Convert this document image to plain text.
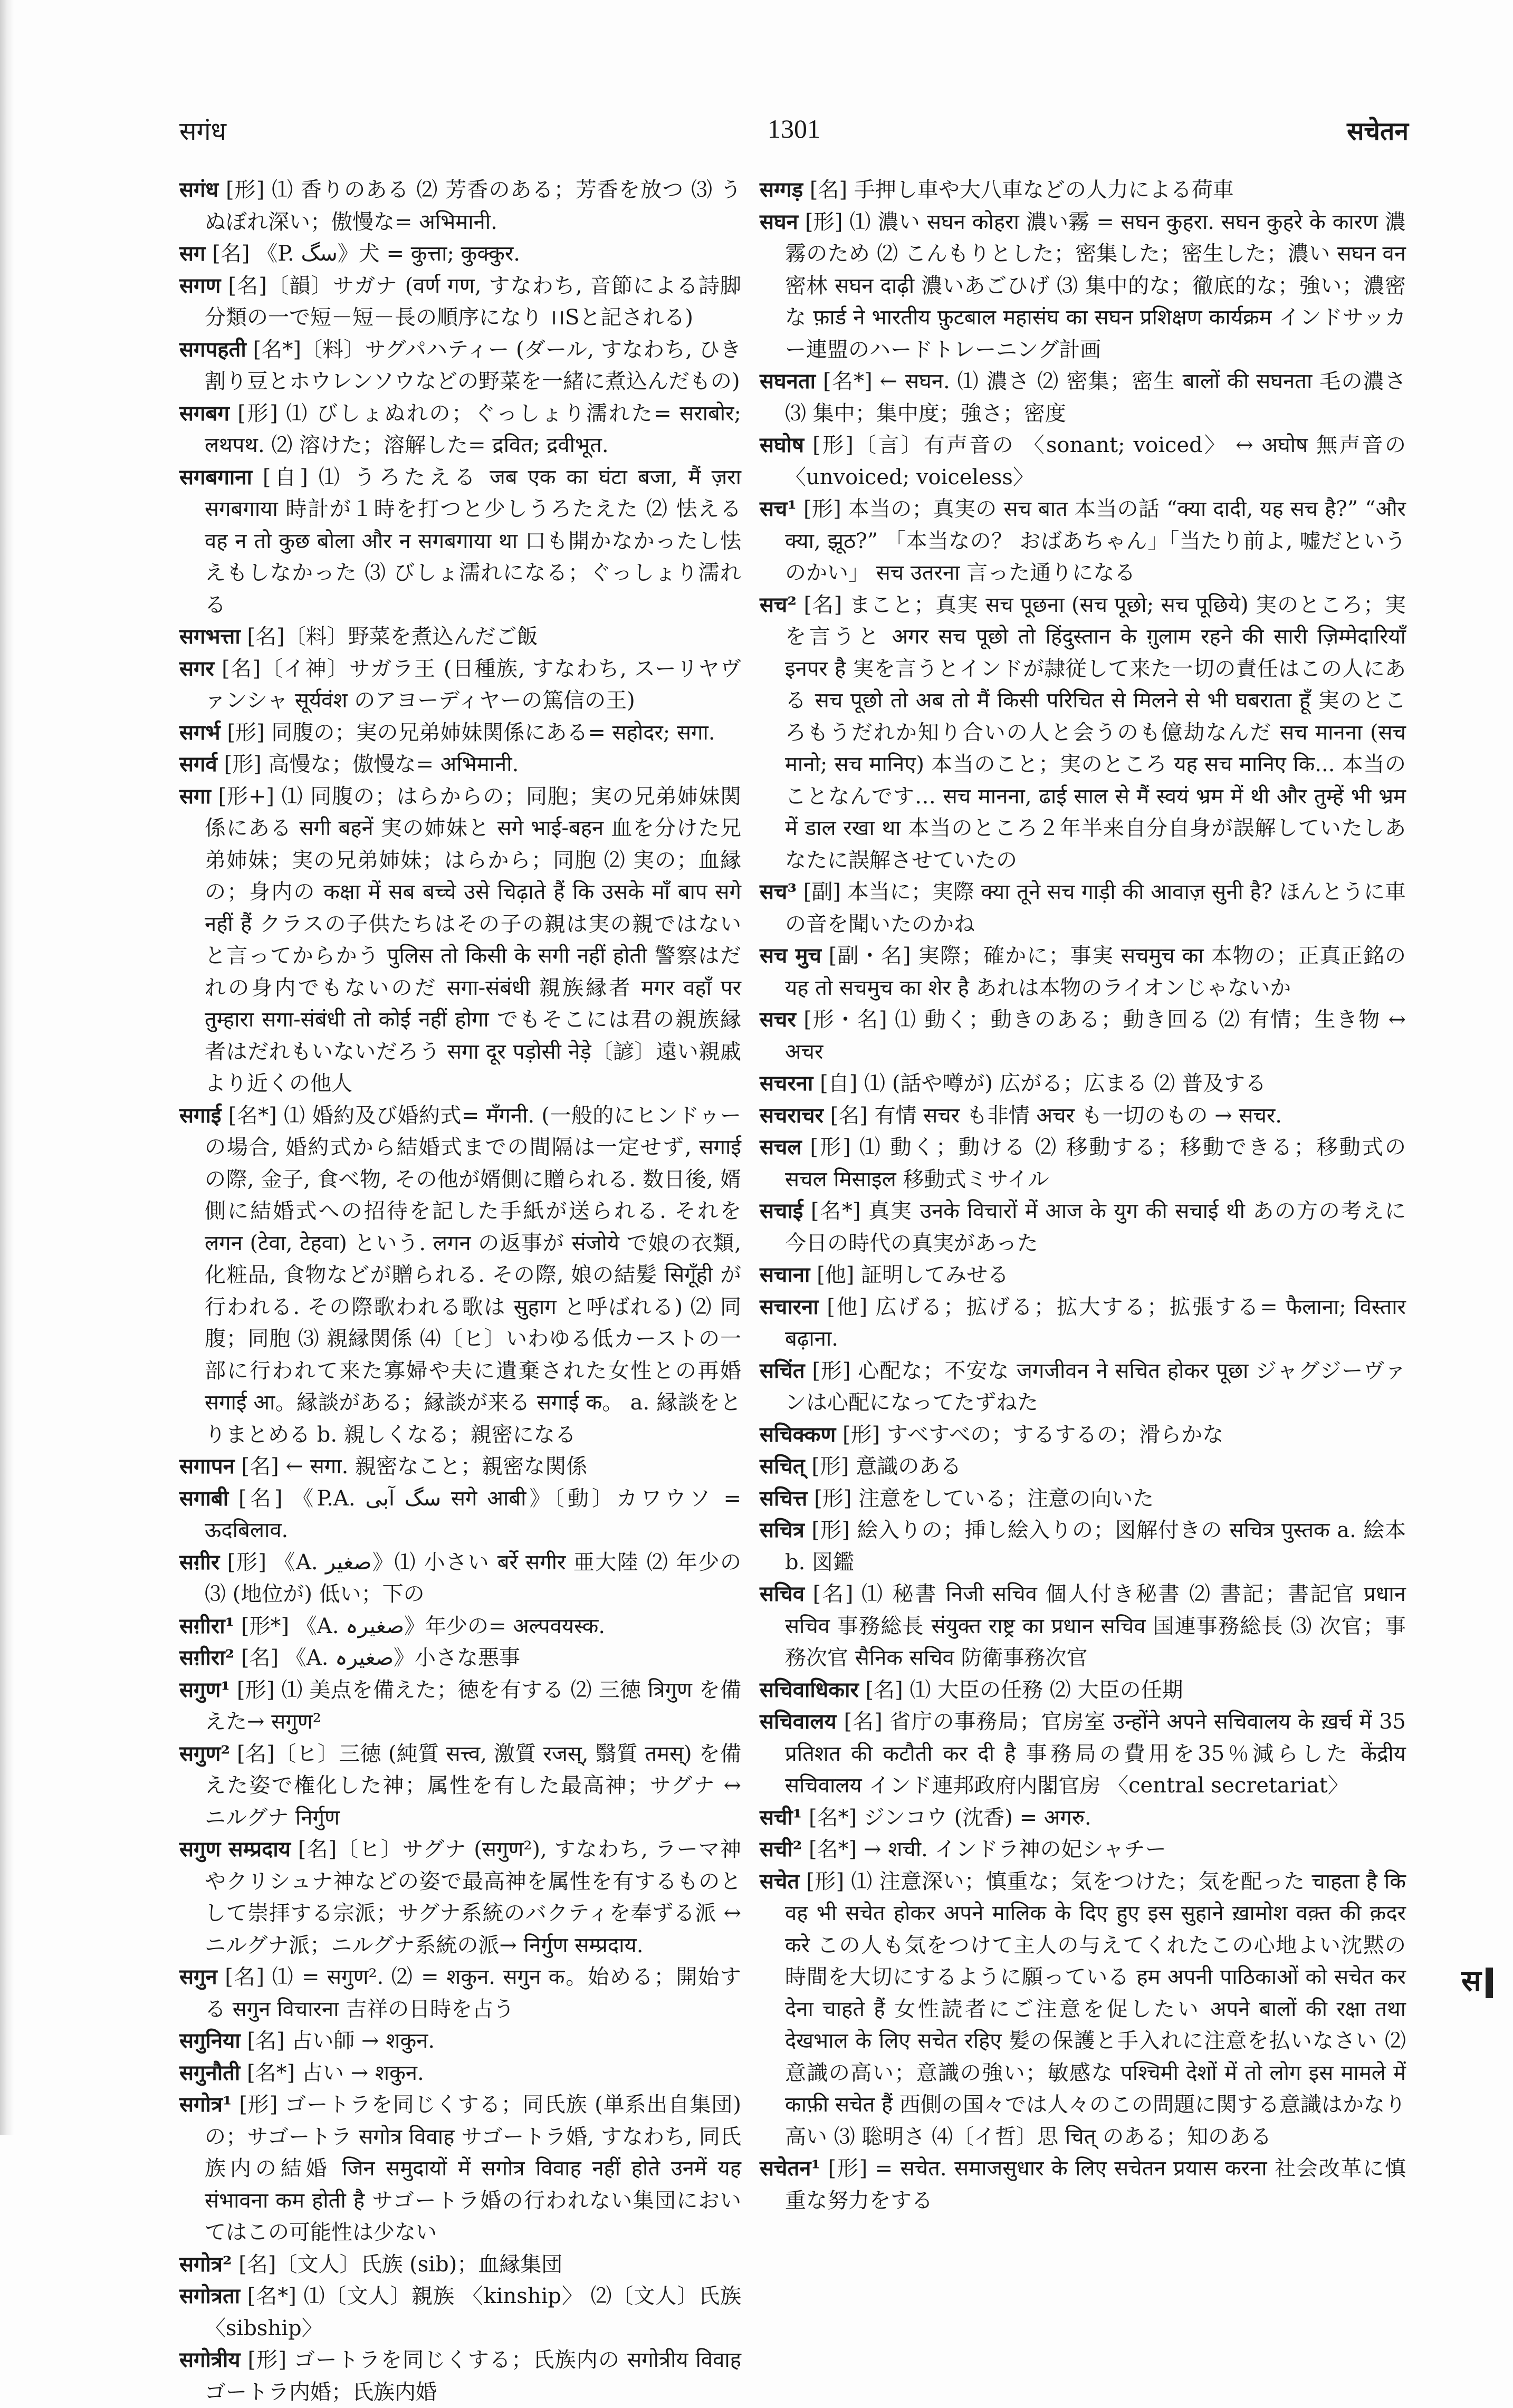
सगंध	1301	सचेतन

सगंध [形] ⑴ 香りのある ⑵ 芳香のある；芳香を放つ ⑶ うぬぼれ深い；傲慢な= अभिमानी.

सग [名] 《P. سگ》犬 = कुत्ता; कुक्कुर.

सगण [名]〔韻〕サガナ (वर्ण गण, すなわち, 音節による詩脚分類の一で短－短－長の順序になり ।।Sと記される)

सगपहती [名*]〔料〕サグパハティー (ダール, すなわち, ひき割り豆とホウレンソウなどの野菜を一緒に煮込んだもの)

सगबग [形] ⑴ びしょぬれの；ぐっしょり濡れた= सराबोर; लथपथ. ⑵ 溶けた；溶解した= द्रवित; द्रवीभूत.

सगबगाना [自] ⑴ うろたえる जब एक का घंटा बजा, मैं ज़रा सगबगाया 時計が１時を打つと少しうろたえた ⑵ 怯える वह न तो कुछ बोला और न सगबगाया था 口も開かなかったし怯えもしなかった ⑶ びしょ濡れになる；ぐっしょり濡れる

सगभत्ता [名]〔料〕野菜を煮込んだご飯

सगर [名]〔イ神〕サガラ王 (日種族, すなわち, スーリヤヴァンシャ सूर्यवंश のアヨーディヤーの篤信の王)

सगर्भ [形] 同腹の；実の兄弟姉妹関係にある= सहोदर; सगा.

सगर्व [形] 高慢な；傲慢な= अभिमानी.

सगा [形+] ⑴ 同腹の；はらからの；同胞；実の兄弟姉妹関係にある सगी बहनें 実の姉妹と सगे भाई-बहन 血を分けた兄弟姉妹；実の兄弟姉妹；はらから；同胞 ⑵ 実の；血縁の；身内の कक्षा में सब बच्चे उसे चिढ़ाते हैं कि उसके माँ बाप सगे नहीं हैं クラスの子供たちはその子の親は実の親ではないと言ってからかう पुलिस तो किसी के सगी नहीं होती 警察はだれの身内でもないのだ सगा-संबंधी 親族縁者 मगर वहाँ पर तुम्हारा सगा-संबंधी तो कोई नहीं होगा でもそこには君の親族縁者はだれもいないだろう सगा दूर पड़ोसी नेड़े〔諺〕遠い親戚より近くの他人

सगाई [名*] ⑴ 婚約及び婚約式= मँगनी. (一般的にヒンドゥーの場合, 婚約式から結婚式までの間隔は一定せず, सगाई の際, 金子, 食べ物, その他が婿側に贈られる. 数日後, 婿側に結婚式への招待を記した手紙が送られる. それを लगन (टेवा, टेहवा) という. लगन の返事が संजोये で娘の衣類, 化粧品, 食物などが贈られる. その際, 娘の結髪 सिगूँही が行われる. その際歌われる歌は सुहाग と呼ばれる) ⑵ 同腹；同胞 ⑶ 親縁関係 ⑷〔ヒ〕いわゆる低カーストの一部に行われて来た寡婦や夫に遺棄された女性との再婚 सगाई आ。縁談がある；縁談が来る सगाई क。 a. 縁談をとりまとめる b. 親しくなる；親密になる

सगापन [名] ← सगा. 親密なこと；親密な関係

सगाबी [名] 《P.A. سگ آبی सगे आबी》〔動〕カワウソ = ऊदबिलाव.

सग़ीर [形] 《A. صغیر》⑴ 小さい बर्रे सगीर 亜大陸 ⑵ 年少の ⑶ (地位が) 低い；下の

सग़ीरा¹ [形*] 《A. صغیرہ》年少の= अल्पवयस्क.

सग़ीरा² [名] 《A. صغیرہ》小さな悪事

सगुण¹ [形] ⑴ 美点を備えた；徳を有する ⑵ 三徳 त्रिगुण を備えた→ सगुण²

सगुण² [名]〔ヒ〕三徳 (純質 सत्त्व, 激質 रजस्, 翳質 तमस्) を備えた姿で権化した神；属性を有した最高神；サグナ ↔ ニルグナ निर्गुण

सगुण सम्प्रदाय [名]〔ヒ〕サグナ (सगुण²), すなわち, ラーマ神やクリシュナ神などの姿で最高神を属性を有するものとして崇拝する宗派；サグナ系統のバクティを奉ずる派 ↔ ニルグナ派；ニルグナ系統の派→ निर्गुण सम्प्रदाय.

सगुन [名] ⑴ = सगुण². ⑵ = शकुन. सगुन क。始める；開始する सगुन विचारना 吉祥の日時を占う

सगुनिया [名] 占い師 → शकुन.

सगुनौती [名*] 占い → शकुन.

सगोत्र¹ [形] ゴートラを同じくする；同氏族 (単系出自集団) の；サゴートラ सगोत्र विवाह サゴートラ婚, すなわち, 同氏族内の結婚 जिन समुदायों में सगोत्र विवाह नहीं होते उनमें यह संभावना कम होती है サゴートラ婚の行われない集団においてはこの可能性は少ない

सगोत्र² [名]〔文人〕氏族 (sib)；血縁集団

सगोत्रता [名*] ⑴〔文人〕親族 〈kinship〉 ⑵〔文人〕氏族 〈sibship〉

सगोत्रीय [形] ゴートラを同じくする；氏族内の सगोत्रीय विवाह ゴートラ内婚；氏族内婚

सग्गड़ [名] 手押し車や大八車などの人力による荷車

सघन [形] ⑴ 濃い सघन कोहरा 濃い霧 = सघन कुहरा. सघन कुहरे के कारण 濃霧のため ⑵ こんもりとした；密集した；密生した；濃い सघन वन 密林 सघन दाढ़ी 濃いあごひげ ⑶ 集中的な；徹底的な；強い；濃密な फ़ार्ड ने भारतीय फ़ुटबाल महासंघ का सघन प्रशिक्षण कार्यक्रम インドサッカー連盟のハードトレーニング計画

सघनता [名*] ← सघन. ⑴ 濃さ ⑵ 密集；密生 बालों की सघनता 毛の濃さ ⑶ 集中；集中度；強さ；密度

सघोष [形]〔言〕有声音の 〈sonant; voiced〉 ↔ अघोष 無声音の 〈unvoiced; voiceless〉

सच¹ [形] 本当の；真実の सच बात 本当の話 “क्या दादी, यह सच है?” “और क्या, झूठ?” 「本当なの？ おばあちゃん」「当たり前よ, 嘘だというのかい」 सच उतरना 言った通りになる

सच² [名] まこと；真実 सच पूछना (सच पूछो; सच पूछिये) 実のところ；実を言うと अगर सच पूछो तो हिंदुस्तान के ग़ुलाम रहने की सारी ज़िम्मेदारियाँ इनपर है 実を言うとインドが隷従して来た一切の責任はこの人にある सच पूछो तो अब तो मैं किसी परिचित से मिलने से भी घबराता हूँ 実のところもうだれか知り合いの人と会うのも億劫なんだ सच मानना (सच मानो; सच मानिए) 本当のこと；実のところ यह सच मानिए कि... 本当のことなんです… सच मानना, ढाई साल से मैं स्वयं भ्रम में थी और तुम्हें भी भ्रम में डाल रखा था 本当のところ２年半来自分自身が誤解していたしあなたに誤解させていたの

सच³ [副] 本当に；実際 क्या तूने सच गाड़ी की आवाज़ सुनी है? ほんとうに車の音を聞いたのかね

सच मुच [副・名] 実際；確かに；事実 सचमुच का 本物の；正真正銘の यह तो सचमुच का शेर है あれは本物のライオンじゃないか

सचर [形・名] ⑴ 動く；動きのある；動き回る ⑵ 有情；生き物 ↔ अचर

सचरना [自] ⑴ (話や噂が) 広がる；広まる ⑵ 普及する

सचराचर [名] 有情 सचर も非情 अचर も一切のもの → सचर.

सचल [形] ⑴ 動く；動ける ⑵ 移動する；移動できる；移動式の सचल मिसाइल 移動式ミサイル

सचाई [名*] 真実 उनके विचारों में आज के युग की सचाई थी あの方の考えに今日の時代の真実があった

सचाना [他] 証明してみせる

सचारना [他] 広げる；拡げる；拡大する；拡張する= फैलाना; विस्तार बढ़ाना.

सचिंत [形] 心配な；不安な जगजीवन ने सचित होकर पूछा ジャグジーヴァンは心配になってたずねた

सचिक्कण [形] すべすべの；するするの；滑らかな

सचित् [形] 意識のある

सचित्त [形] 注意をしている；注意の向いた

सचित्र [形] 絵入りの；挿し絵入りの；図解付きの सचित्र पुस्तक a. 絵本 b. 図鑑

सचिव [名] ⑴ 秘書 निजी सचिव 個人付き秘書 ⑵ 書記；書記官 प्रधान सचिव 事務総長 संयुक्त राष्ट्र का प्रधान सचिव 国連事務総長 ⑶ 次官；事務次官 सैनिक सचिव 防衛事務次官

सचिवाधिकार [名] ⑴ 大臣の任務 ⑵ 大臣の任期

सचिवालय [名] 省庁の事務局；官房室 उन्होंने अपने सचिवालय के ख़र्च में 35 प्रतिशत की कटौती कर दी है 事務局の費用を35％減らした केंद्रीय सचिवालय インド連邦政府内閣官房 〈central secretariat〉

सची¹ [名*] ジンコウ (沈香) = अगरु.

सची² [名*] → शची. インドラ神の妃シャチー

सचेत [形] ⑴ 注意深い；慎重な；気をつけた；気を配った चाहता है कि वह भी सचेत होकर अपने मालिक के दिए हुए इस सुहाने ख़ामोश वक़्त की क़दर करे この人も気をつけて主人の与えてくれたこの心地よい沈黙の時間を大切にするように願っている हम अपनी पाठिकाओं को सचेत कर देना चाहते हैं 女性読者にご注意を促したい अपने बालों की रक्षा तथा देखभाल के लिए सचेत रहिए 髪の保護と手入れに注意を払いなさい ⑵ 意識の高い；意識の強い；敏感な पश्चिमी देशों में तो लोग इस मामले में काफ़ी सचेत हैं 西側の国々では人々のこの問題に関する意識はかなり高い ⑶ 聡明さ ⑷〔イ哲〕思 चित् のある；知のある

सचेतन¹ [形] = सचेत. समाजसुधार के लिए सचेतन प्रयास करना 社会改革に慎重な努力をする

स
